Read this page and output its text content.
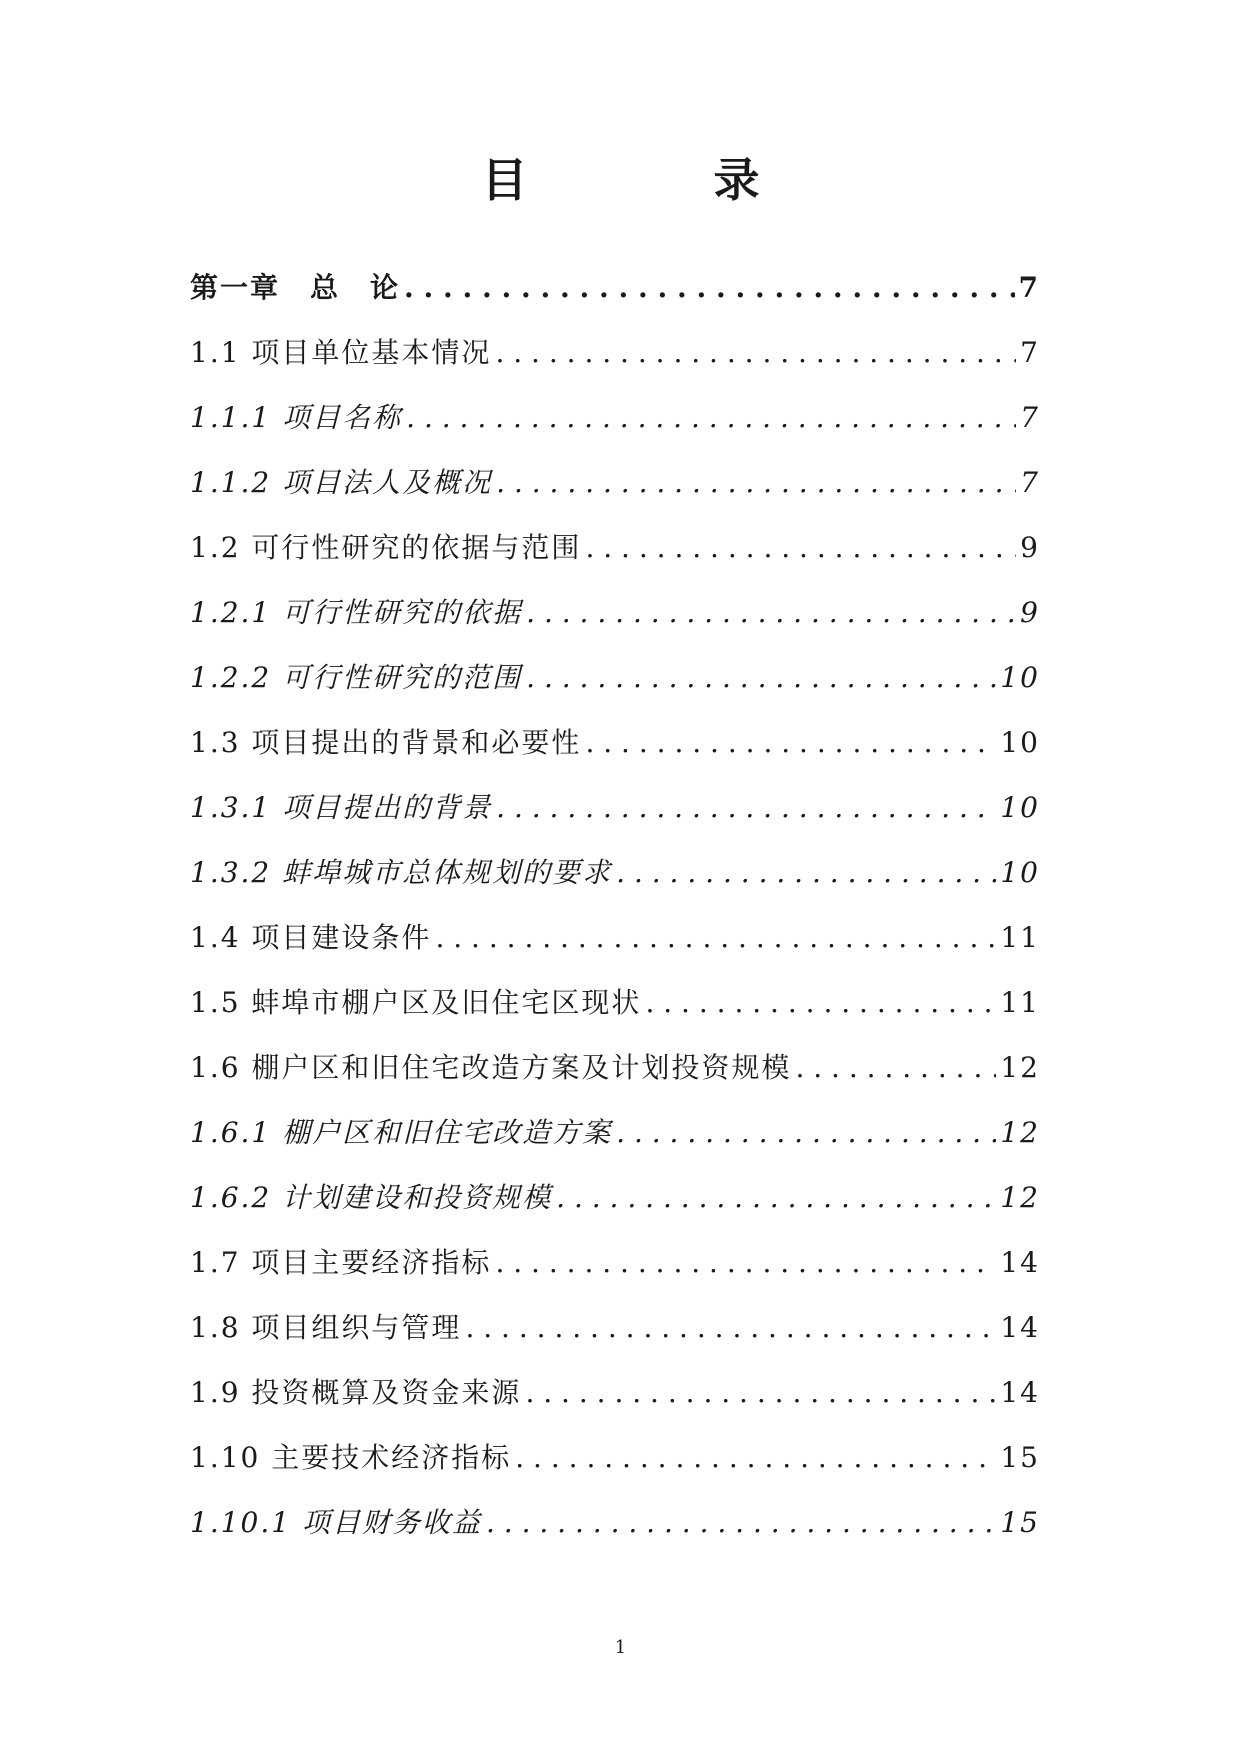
目　录
第一章　总　论 . . .	7
1.1 项目单位基本情况 . . .	7
1.1.1 项目名称 . . .	7
1.1.2 项目法人及概况 . . .	7
1.2 可行性研究的依据与范围 . . .	9
1.2.1 可行性研究的依据 . . .	9
1.2.2 可行性研究的范围 . . .	10
1.3 项目提出的背景和必要性 . . .	10
1.3.1 项目提出的背景 . . .	10
1.3.2 蚌埠城市总体规划的要求 . . .	10
1.4 项目建设条件 . . .	11
1.5 蚌埠市棚户区及旧住宅区现状 . . .	11
1.6 棚户区和旧住宅改造方案及计划投资规模 . . .	12
1.6.1 棚户区和旧住宅改造方案 . . .	12
1.6.2 计划建设和投资规模 . . .	12
1.7 项目主要经济指标 . . .	14
1.8 项目组织与管理 . . .	14
1.9 投资概算及资金来源 . . .	14
1.10 主要技术经济指标 . . .	15
1.10.1 项目财务收益 . . .	15
1
